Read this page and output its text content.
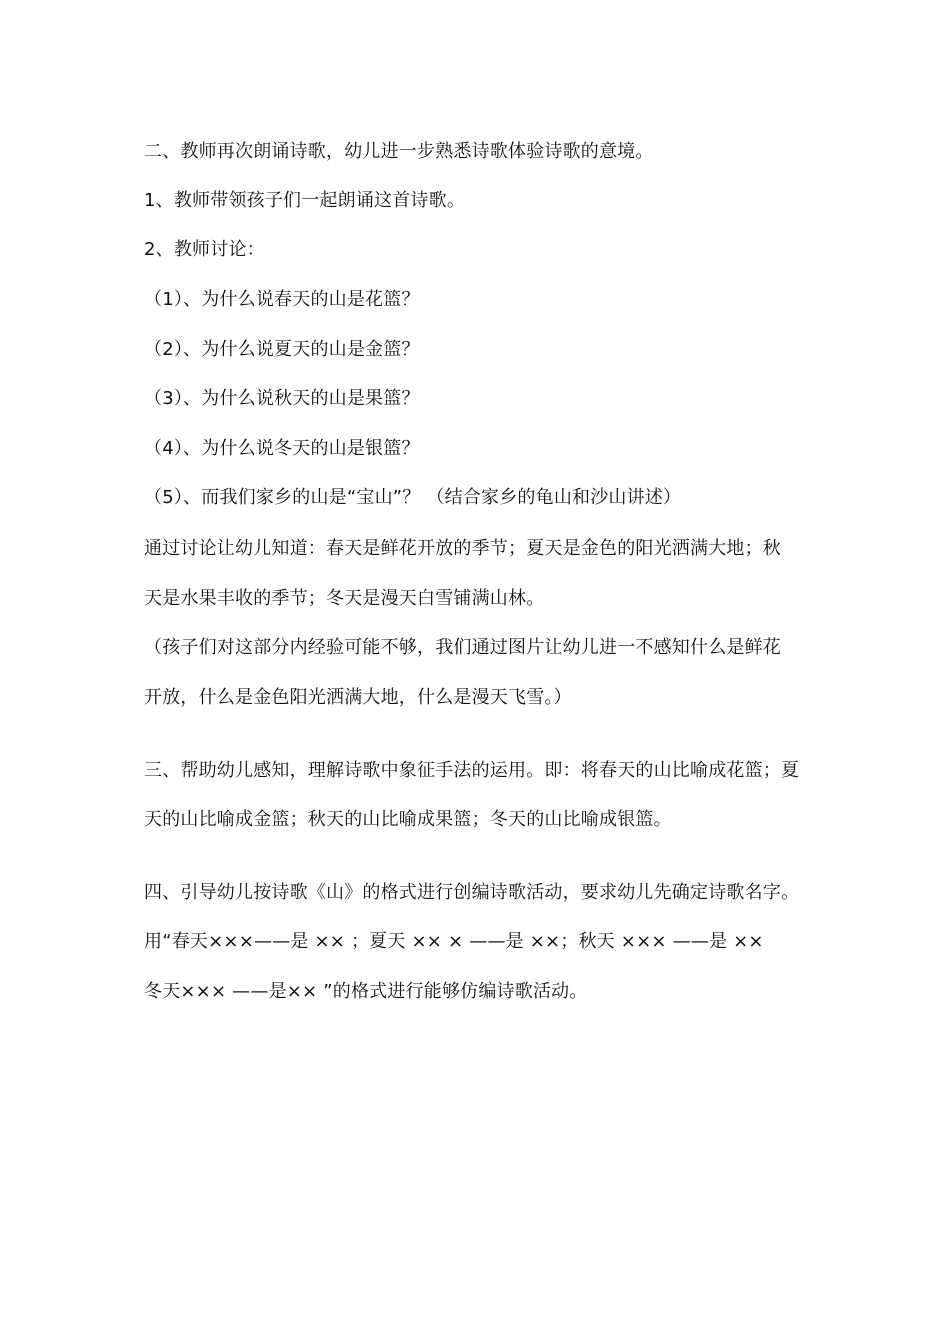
二、教师再次朗诵诗歌，幼儿进一步熟悉诗歌体验诗歌的意境。
1、教师带领孩子们一起朗诵这首诗歌。
2、教师讨论：
（1）、为什么说春天的山是花篮？
（2）、为什么说夏天的山是金篮？
（3）、为什么说秋天的山是果篮？
（4）、为什么说冬天的山是银篮？
（5）、而我们家乡的山是“宝山”？ （结合家乡的龟山和沙山讲述）
通过讨论让幼儿知道：春天是鲜花开放的季节；夏天是金色的阳光洒满大地；秋
天是水果丰收的季节；冬天是漫天白雪铺满山林。
（孩子们对这部分内经验可能不够，我们通过图片让幼儿进一不感知什么是鲜花
开放，什么是金色阳光洒满大地，什么是漫天飞雪。）
三、帮助幼儿感知，理解诗歌中象征手法的运用。即：将春天的山比喻成花篮；夏
天的山比喻成金篮；秋天的山比喻成果篮；冬天的山比喻成银篮。
四、引导幼儿按诗歌《山》的格式进行创编诗歌活动，要求幼儿先确定诗歌名字。
用“春天×××——是 ×× ；夏天 ×× × ——是 ××；秋天 ××× ——是 ××
冬天××× ——是×× ”的格式进行能够仿编诗歌活动。
